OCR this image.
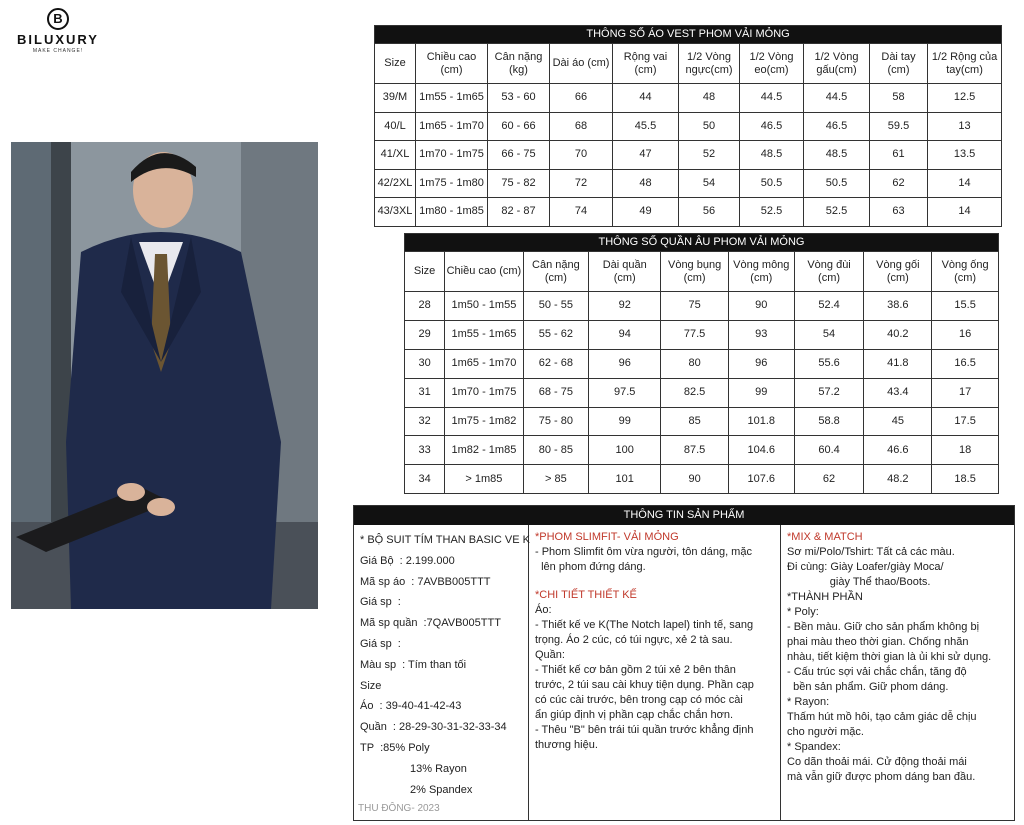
B
BILUXURY
MAKE CHANGE!
THÔNG SỐ ÁO VEST PHOM VẢI MỎNG									
Size	Chiều cao (cm)	Cân nặng (kg)	Dài áo (cm)	Rộng vai (cm)	1/2 Vòng ngực(cm)	1/2 Vòng eo(cm)	1/2 Vòng gấu(cm)	Dài tay (cm)	1/2 Rộng của tay(cm)
39/M	1m55 - 1m65	53 - 60	66	44	48	44.5	44.5	58	12.5
40/L	1m65 - 1m70	60 - 66	68	45.5	50	46.5	46.5	59.5	13
41/XL	1m70 - 1m75	66 - 75	70	47	52	48.5	48.5	61	13.5
42/2XL	1m75 - 1m80	75 - 82	72	48	54	50.5	50.5	62	14
43/3XL	1m80 - 1m85	82 - 87	74	49	56	52.5	52.5	63	14
THÔNG SỐ QUẦN ÂU PHOM VẢI MỎNG								
Size	Chiều cao (cm)	Cân nặng (cm)	Dài quần (cm)	Vòng bụng (cm)	Vòng mông (cm)	Vòng đùi (cm)	Vòng gối (cm)	Vòng ống (cm)
28	1m50 - 1m55	50 - 55	92	75	90	52.4	38.6	15.5
29	1m55 - 1m65	55 - 62	94	77.5	93	54	40.2	16
30	1m65 - 1m70	62 - 68	96	80	96	55.6	41.8	16.5
31	1m70 - 1m75	68 - 75	97.5	82.5	99	57.2	43.4	17
32	1m75 - 1m82	75 - 80	99	85	101.8	58.8	45	17.5
33	1m82 - 1m85	80 - 85	100	87.5	104.6	60.4	46.6	18
34	> 1m85	> 85	101	90	107.6	62	48.2	18.5
THÔNG TIN SẢN PHẨM
* BỘ SUIT TÍM THAN BASIC VE K
Giá Bộ : 2.199.000
Mã sp áo : 7AVBB005TTT
Giá sp :
Mã sp quần :7QAVB005TTT
Giá sp :
Màu sp : Tím than tối
Size
Áo : 39-40-41-42-43
Quần : 28-29-30-31-32-33-34
TP :85% Poly
13% Rayon
2% Spandex
THU ĐÔNG- 2023
*PHOM SLIMFIT- VẢI MỎNG
- Phom Slimfit ôm vừa người, tôn dáng, mặc
lên phom đứng dáng.
*CHI TIẾT THIẾT KẾ
Áo:
- Thiết kế ve K(The Notch lapel) tinh tế, sang
trọng. Áo 2 cúc, có túi ngực, xẻ 2 tà sau.
Quần:
- Thiết kế cơ bản gồm 2 túi xẻ 2 bên thân
trước, 2 túi sau cài khuy tiện dụng. Phần cạp
có cúc cài trước, bên trong cạp có móc cài
ẩn giúp định vị phần cạp chắc chắn hơn.
- Thêu "B" bên trái túi quần trước khẳng định
thương hiệu.
*MIX & MATCH
Sơ mi/Polo/Tshirt: Tất cả các màu.
Đi cùng: Giày Loafer/giày Moca/
giày Thể thao/Boots.
*THÀNH PHẦN
* Poly:
- Bền màu. Giữ cho sản phẩm không bị
phai màu theo thời gian. Chống nhăn
nhàu, tiết kiệm thời gian là ủi khi sử dụng.
- Cấu trúc sợi vải chắc chắn, tăng độ
bền sản phẩm. Giữ phom dáng.
* Rayon:
Thấm hút mồ hôi, tạo cảm giác dễ chịu
cho người mặc.
* Spandex:
Co dãn thoải mái. Cử động thoải mái
mà vẫn giữ được phom dáng ban đầu.
